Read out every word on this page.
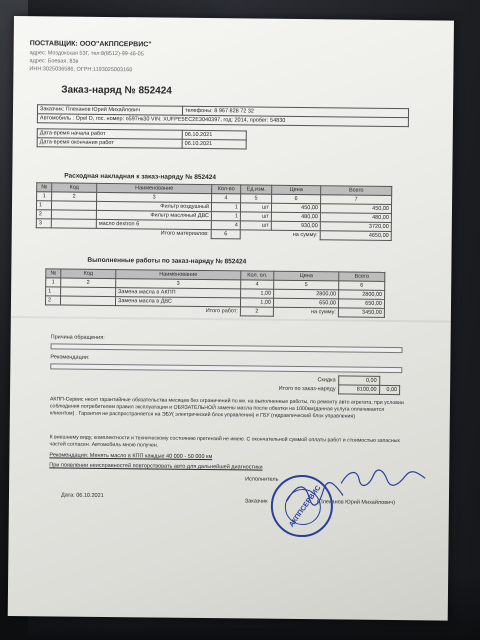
ПОСТАВЩИК: ООО"АКППСЕРВИС"
адрес: Моздокская 53Г, тел:8(8512)-99-46-05
адрес: Боевая, 83в
ИНН:3025036586, ОГРН:1193025003160
Заказ-наряд № 852424
Заказчик: Плеханов Юрий Михайлович	телефоны: 8 967 828 72 32
Автомобиль : Opel D, гос. номер: о597нк30 VIN: XUFPE5EC2E3040397, год: 2014, пробег: 54830
Дата-время начала работ	06.10.2021
Дата-время окончания работ	06.10.2021
Расходная накладная к заказ-наряду № 852424
№	Код	Наименование	Кол-во	Ед.изм.	Цена	Всего
1	2	3	4	5	6	7
1		Фильтр воздушный	1	шт	450,00	450,00
2		Фильтр масляный ДВС	1	шт	480,00	480,00
3		масло dextron 6	4	шт	930,00	3720,00
Итого материалов:			6	на сумму:		4650,00
Выполненные работы по заказ-наряду № 852424
№	Код	Наименование	Кол. ол.	Цена	Всего
1	2	3	4	5	6
1		Замена масла в АКПП	1,00	2800,00	2800,00
2		Замена масла в ДВС	1,00	650,00	650,00
Итого работ:			2	на сумму:	3450,00
Причина обращения:
Рекомендации:
Скидка	0,00	
Итого по заказ-наряду	8100,00	0,00
АКПП-Сервис несет гарантийные обязательства месяцев без ограничений по км. на выполненные работы, по ремонту авто агрегата, при условии соблюдения потребителем правил эксплуатации и ОБЯЗАТЕЛЬНОЙ замены масла после обкатки на 1000км(данная услуга оплачивается клиентом) . Гарантия не распространяется на ЭБУ( электрический блок управления) и ГБУ (гидравлический блок управления)
К внешнему виду, комплектности и техническому состоянию претензий не имею. С окончательной суммой оплаты работ и стоимостью запасных частей согласен. Автомобиль мною получен.
Рекомендация: Менять масло в КПП каждые 40 000 - 50 000 км
При появлении неисправностей повторствовать авто для дальнейшей диагностики
Исполнитель
Заказчик	(Плеханов Юрий Михайлович)
Дата: 06.10.2021	АКППСЕРВИС
